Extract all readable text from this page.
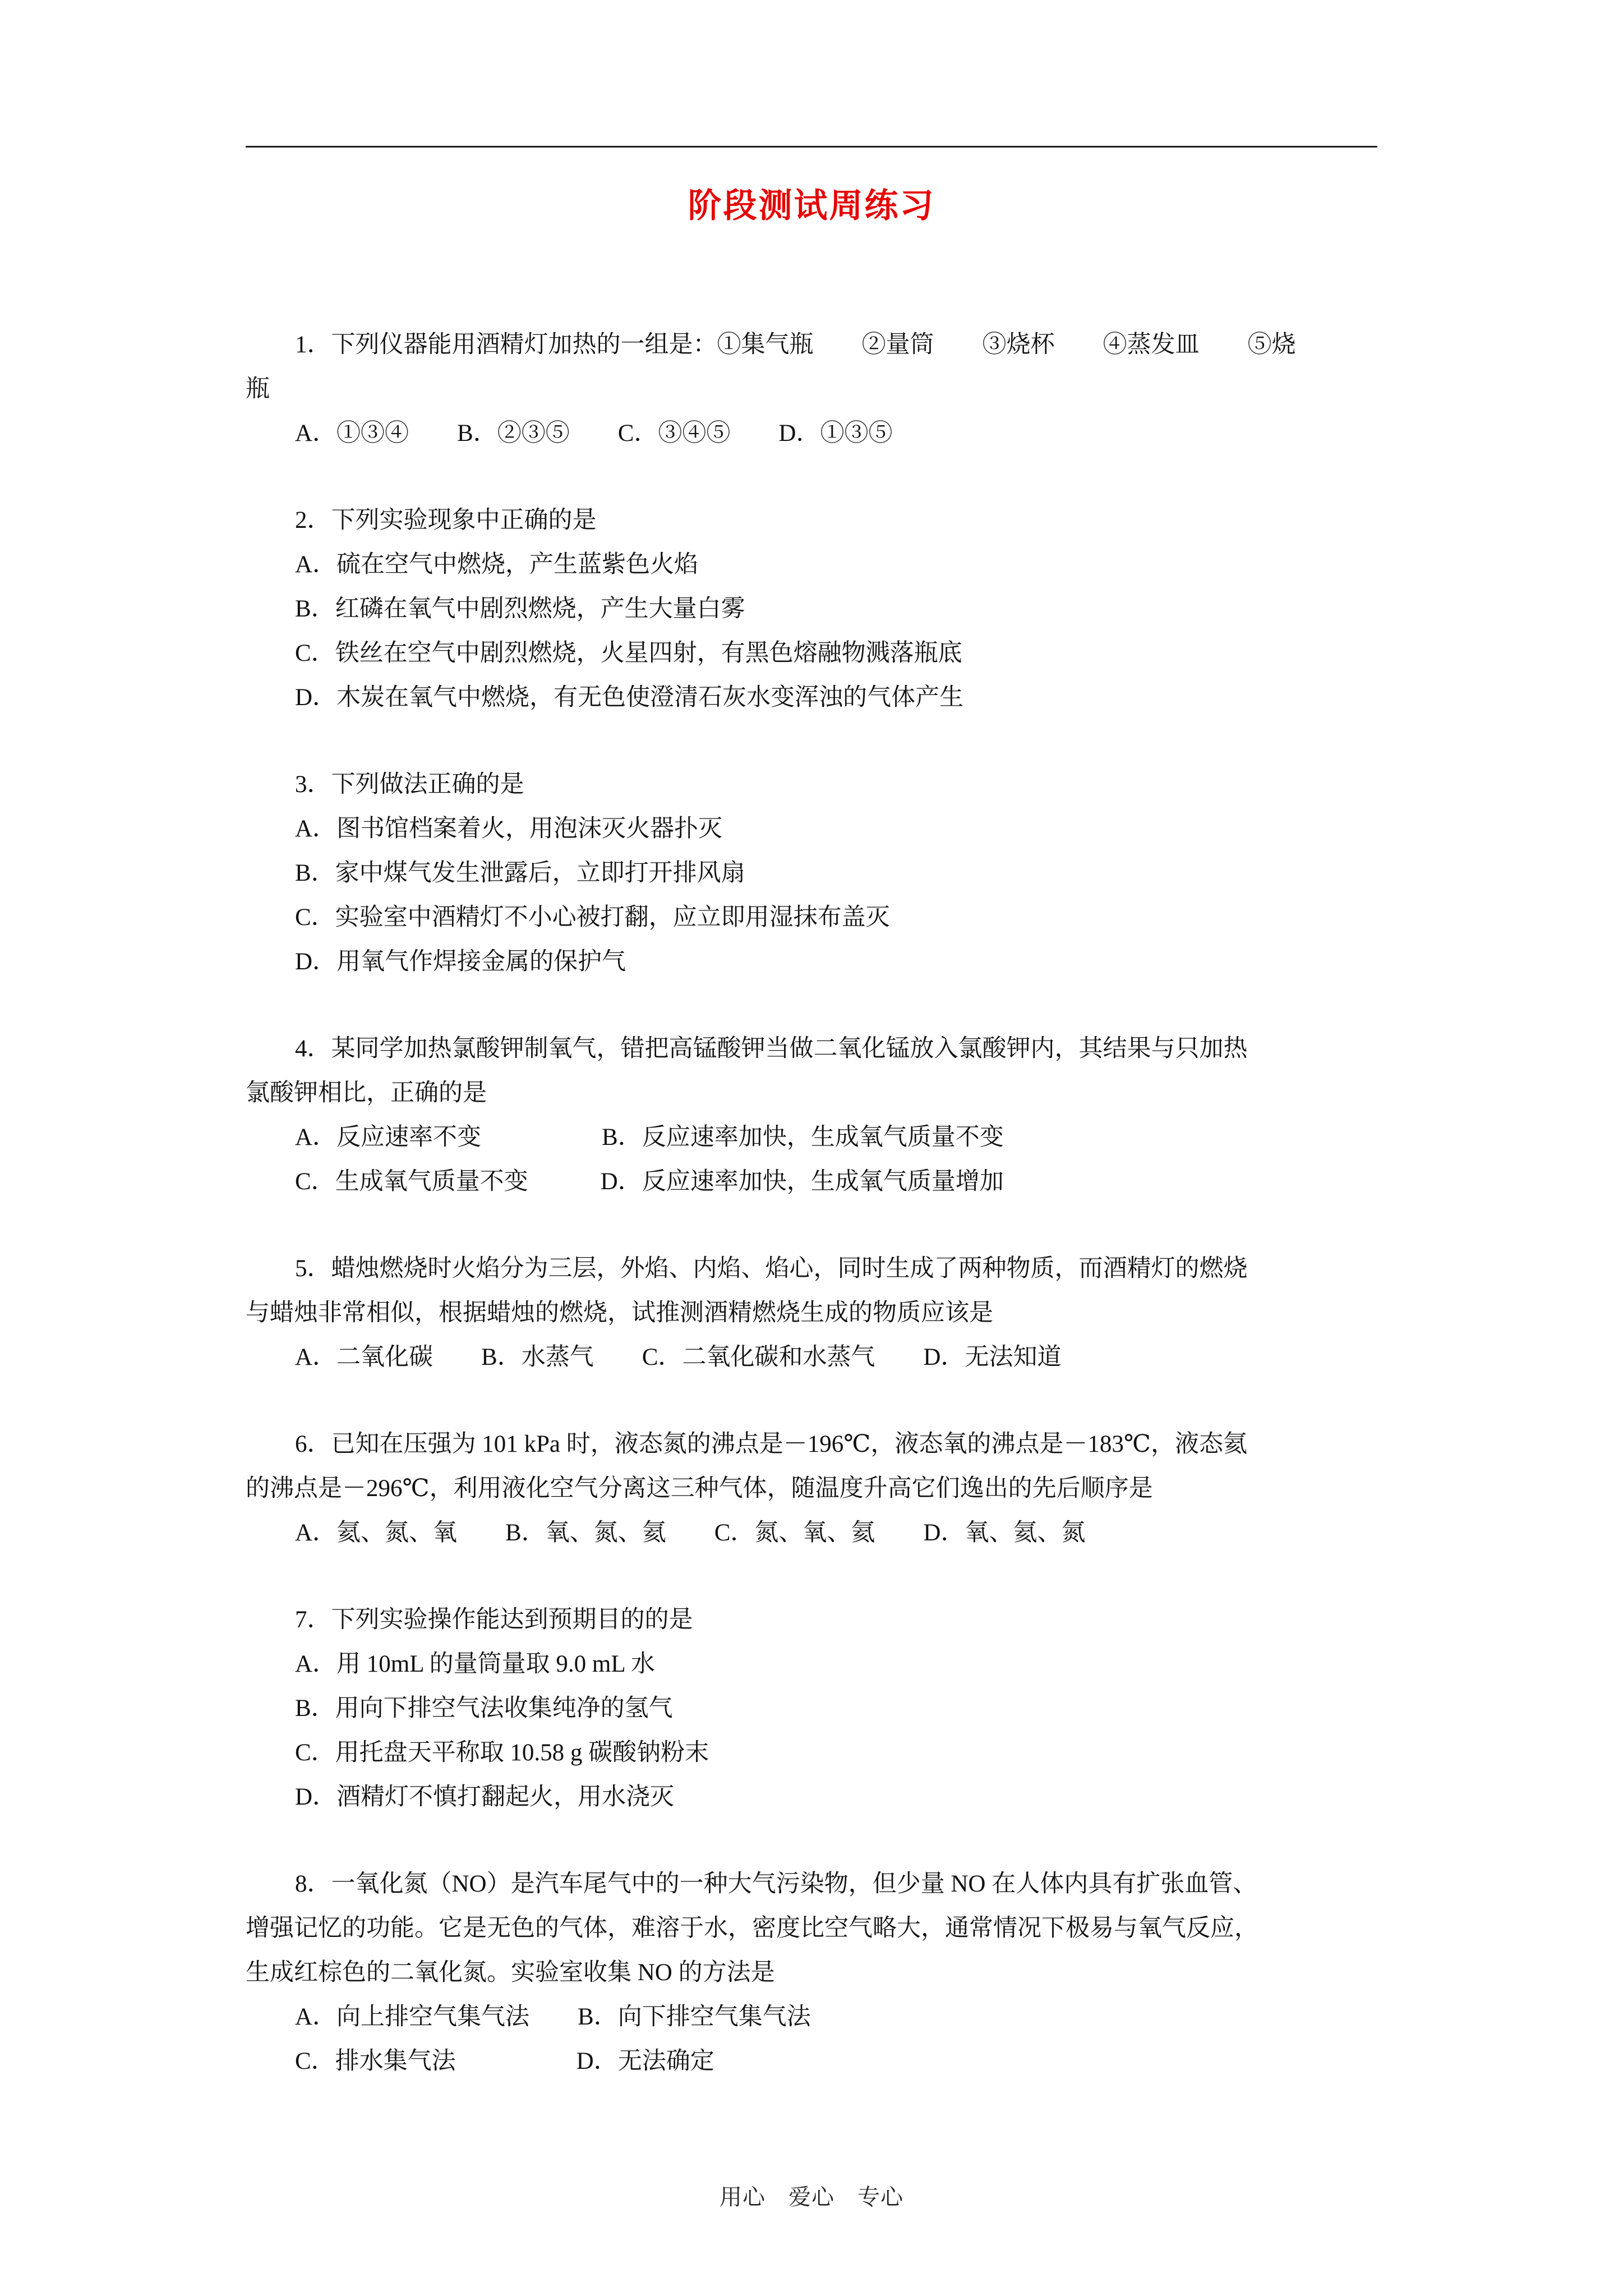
阶段测试周练习

1．下列仪器能用酒精灯加热的一组是：①集气瓶　　②量筒　　③烧杯　　④蒸发皿　　⑤烧

瓶

A．①③④　　B．②③⑤　　C．③④⑤　　D．①③⑤

2．下列实验现象中正确的是

A．硫在空气中燃烧，产生蓝紫色火焰

B．红磷在氧气中剧烈燃烧，产生大量白雾

C．铁丝在空气中剧烈燃烧，火星四射，有黑色熔融物溅落瓶底

D．木炭在氧气中燃烧，有无色使澄清石灰水变浑浊的气体产生

3．下列做法正确的是

A．图书馆档案着火，用泡沫灭火器扑灭

B．家中煤气发生泄露后，立即打开排风扇

C．实验室中酒精灯不小心被打翻，应立即用湿抹布盖灭

D．用氧气作焊接金属的保护气

4．某同学加热氯酸钾制氧气，错把高锰酸钾当做二氧化锰放入氯酸钾内，其结果与只加热

氯酸钾相比，正确的是

A．反应速率不变　　　　　B．反应速率加快，生成氧气质量不变

C．生成氧气质量不变　　　D．反应速率加快，生成氧气质量增加

5．蜡烛燃烧时火焰分为三层，外焰、内焰、焰心，同时生成了两种物质，而酒精灯的燃烧

与蜡烛非常相似，根据蜡烛的燃烧，试推测酒精燃烧生成的物质应该是

A．二氧化碳　　B．水蒸气　　C．二氧化碳和水蒸气　　D．无法知道

6．已知在压强为 101 kPa 时，液态氮的沸点是－196℃，液态氧的沸点是－183℃，液态氦

的沸点是－296℃，利用液化空气分离这三种气体，随温度升高它们逸出的先后顺序是

A．氦、氮、氧　　B．氧、氮、氦　　C．氮、氧、氦　　D．氧、氦、氮

7．下列实验操作能达到预期目的的是

A．用 10mL 的量筒量取 9.0 mL 水

B．用向下排空气法收集纯净的氢气

C．用托盘天平称取 10.58 g 碳酸钠粉末

D．酒精灯不慎打翻起火，用水浇灭

8．一氧化氮（NO）是汽车尾气中的一种大气污染物，但少量 NO 在人体内具有扩张血管、

增强记忆的功能。它是无色的气体，难溶于水，密度比空气略大，通常情况下极易与氧气反应，

生成红棕色的二氧化氮。实验室收集 NO 的方法是

A．向上排空气集气法　　B．向下排空气集气法

C．排水集气法　　　　　D．无法确定

用心　爱心　专心
